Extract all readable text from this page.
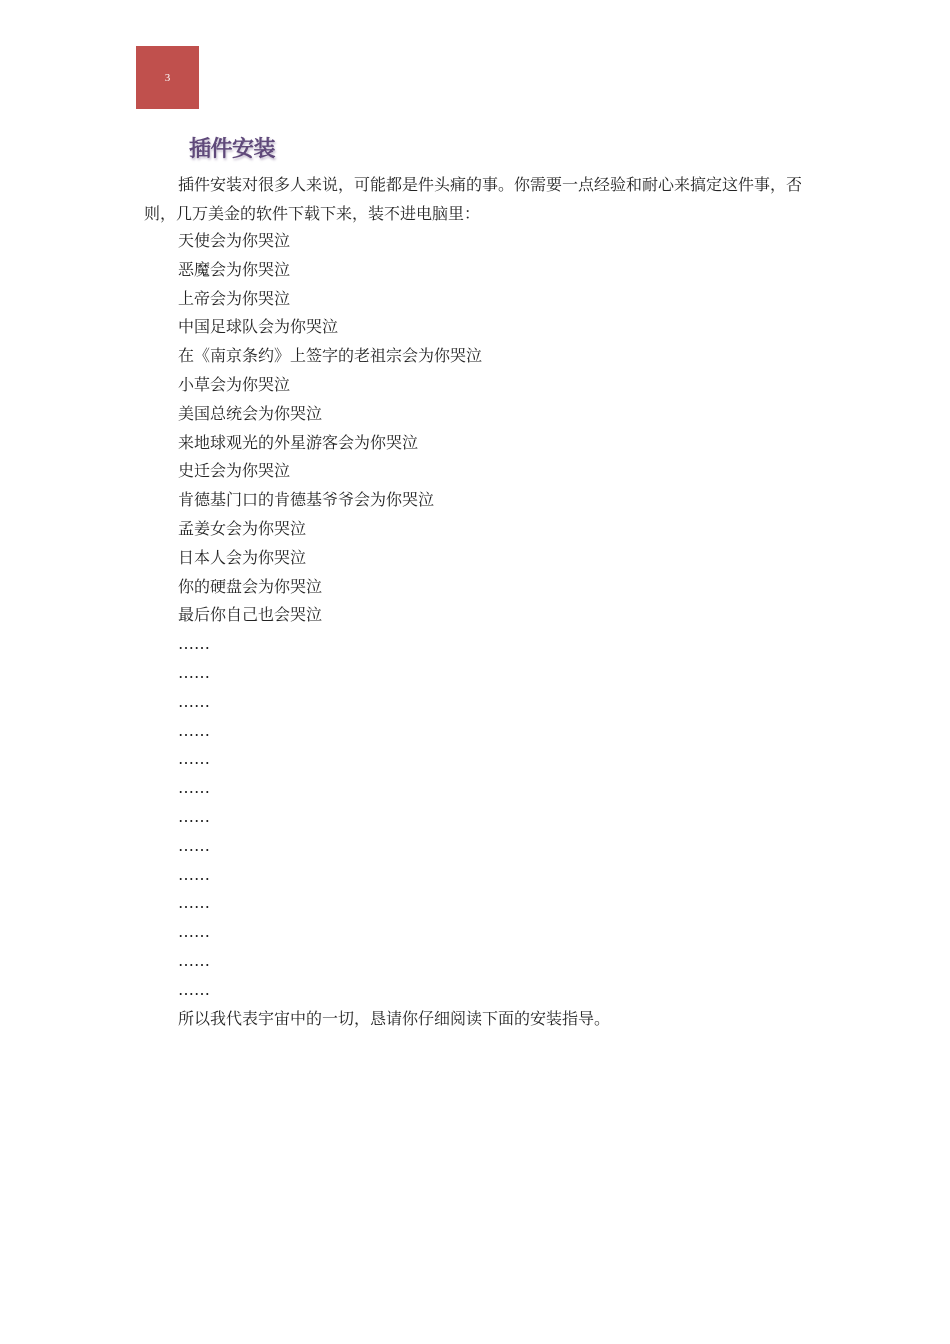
3
插件安装

插件安装对很多人来说，可能都是件头痛的事。你需要一点经验和耐心来搞定这件事，否则，几万美金的软件下载下来，装不进电脑里：

天使会为你哭泣
恶魔会为你哭泣
上帝会为你哭泣
中国足球队会为你哭泣
在《南京条约》上签字的老祖宗会为你哭泣
小草会为你哭泣
美国总统会为你哭泣
来地球观光的外星游客会为你哭泣
史迁会为你哭泣
肯德基门口的肯德基爷爷会为你哭泣
孟姜女会为你哭泣
日本人会为你哭泣
你的硬盘会为你哭泣
最后你自己也会哭泣
……
……
……
……
……
……
……
……
……
……
……
……
……

所以我代表宇宙中的一切，恳请你仔细阅读下面的安装指导。
